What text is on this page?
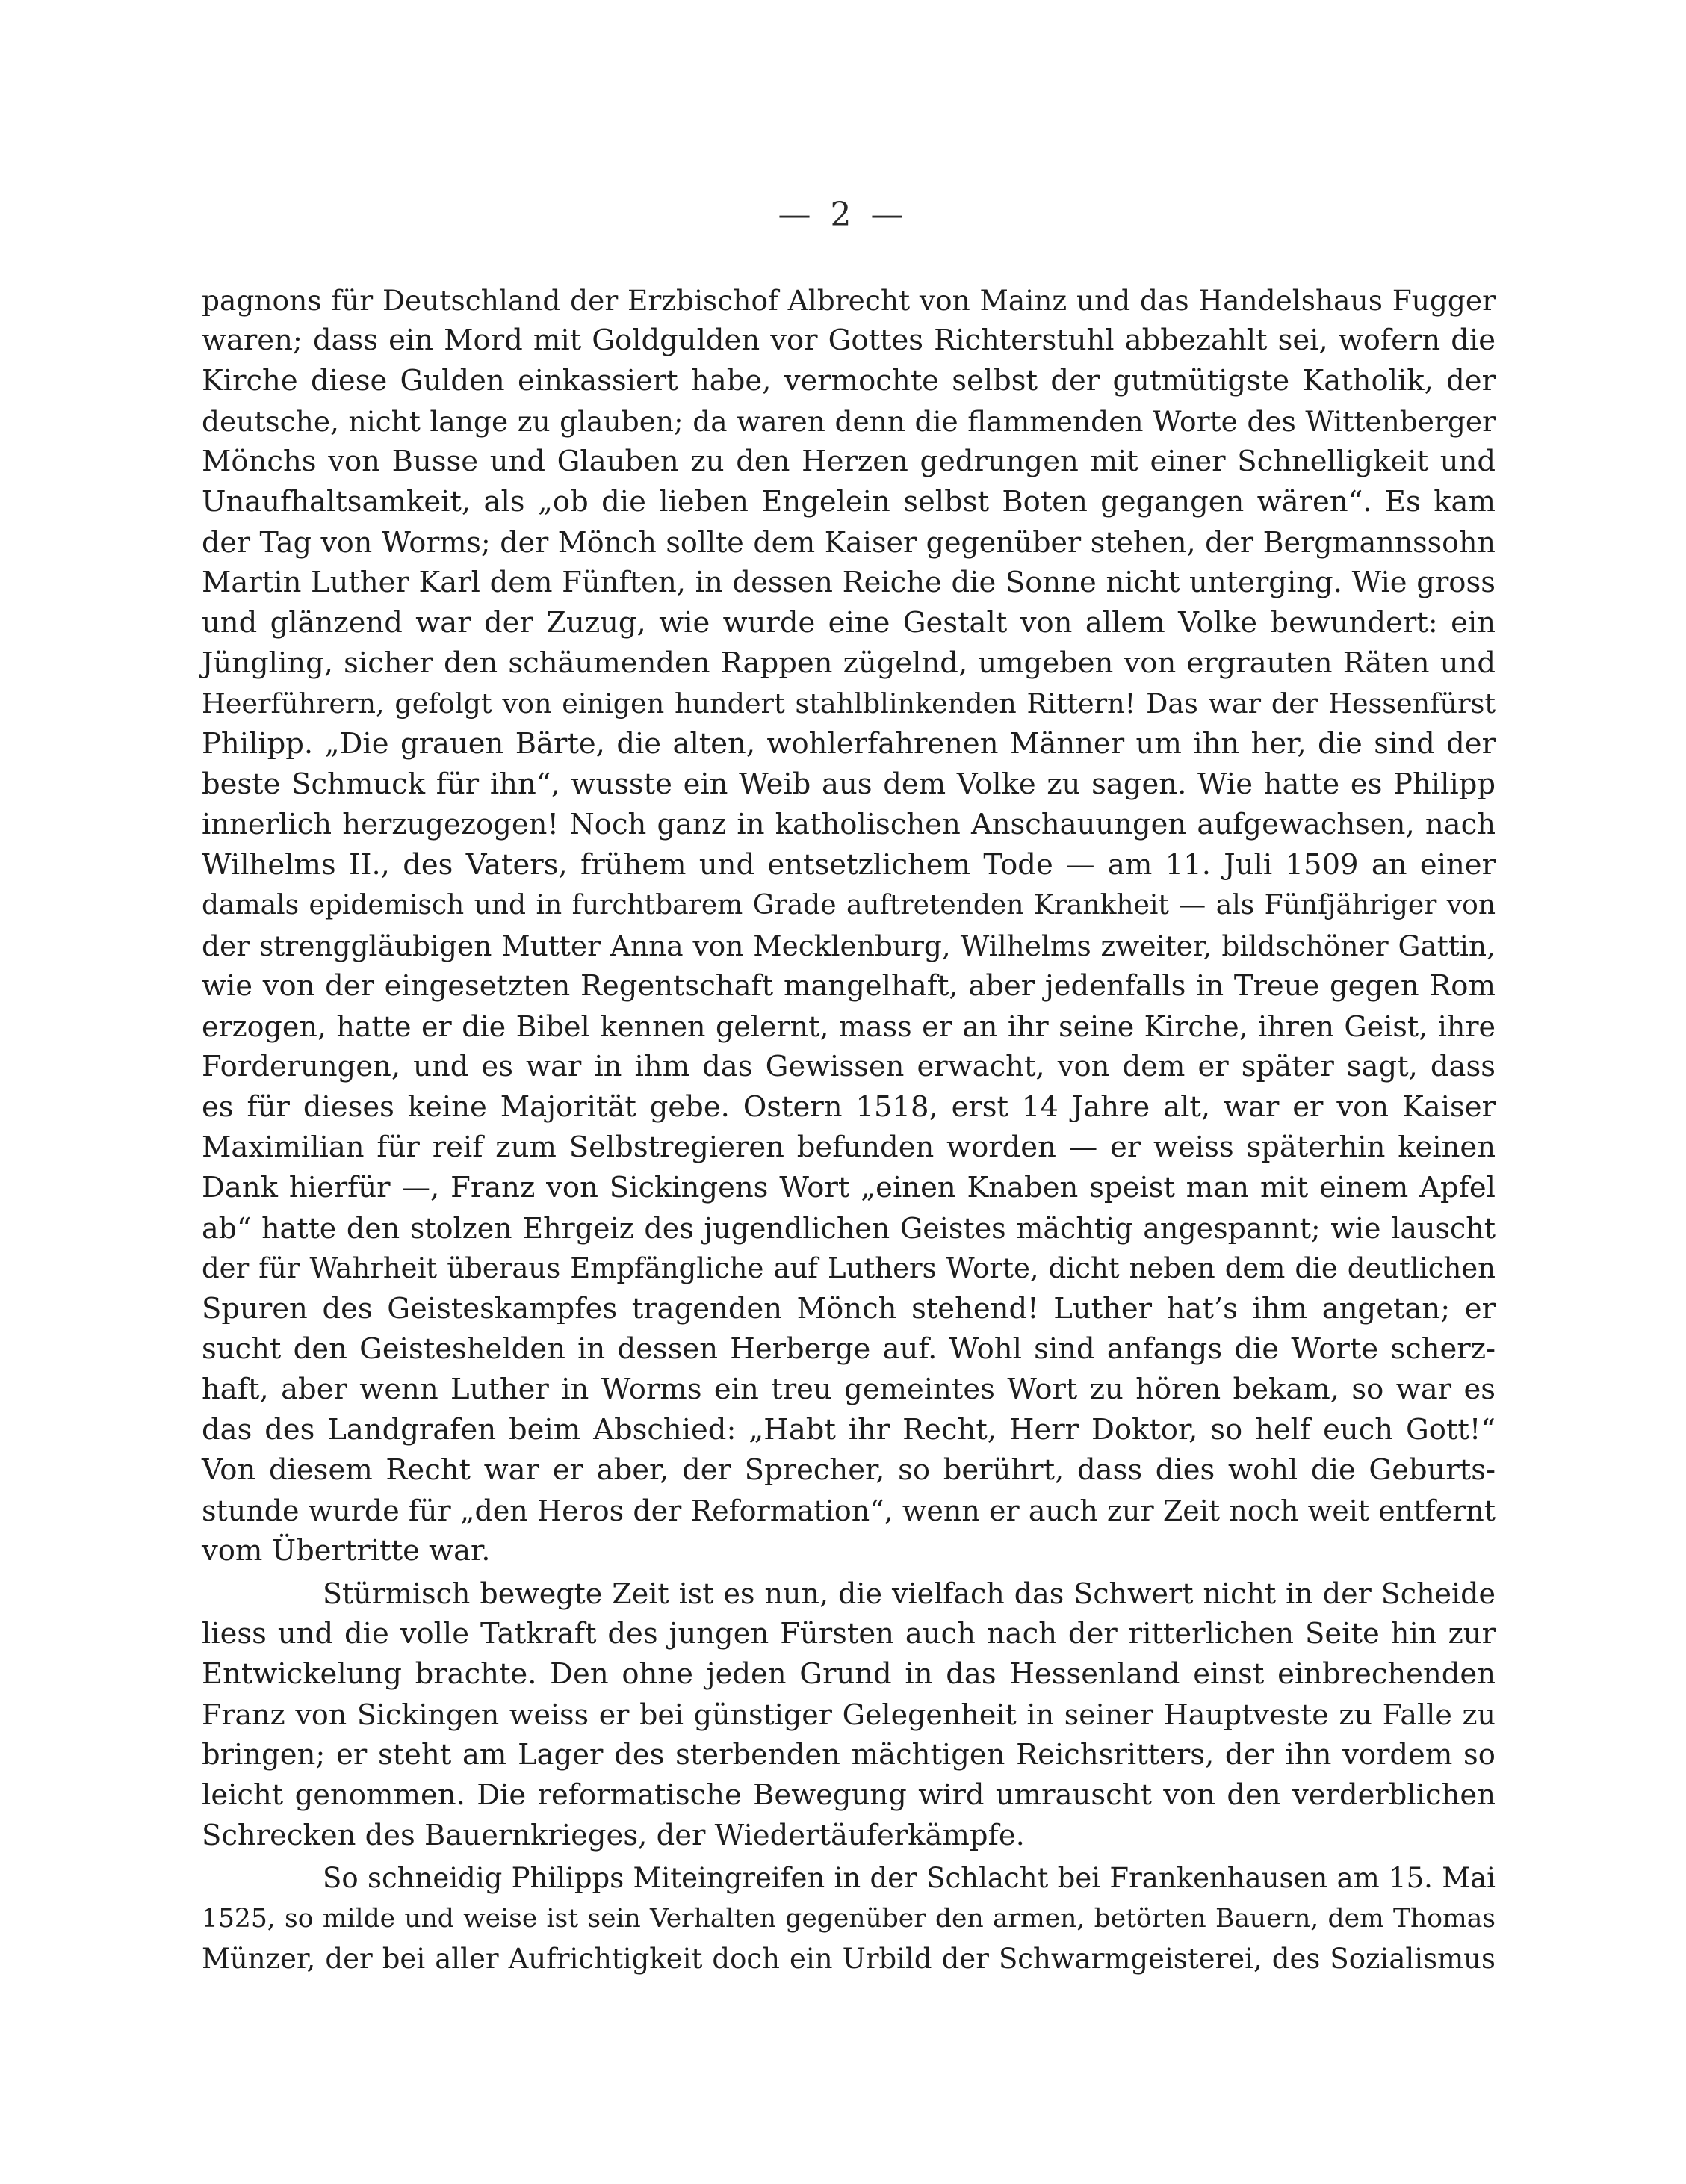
— 2 —
pagnons für Deutschland der Erzbischof Albrecht von Mainz und das Handelshaus Fugger
waren; dass ein Mord mit Goldgulden vor Gottes Richterstuhl abbezahlt sei, wofern die
Kirche diese Gulden einkassiert habe, vermochte selbst der gutmütigste Katholik, der
deutsche, nicht lange zu glauben; da waren denn die flammenden Worte des Wittenberger
Mönchs von Busse und Glauben zu den Herzen gedrungen mit einer Schnelligkeit und
Unaufhaltsamkeit, als „ob die lieben Engelein selbst Boten gegangen wären“. Es kam
der Tag von Worms; der Mönch sollte dem Kaiser gegenüber stehen, der Bergmannssohn
Martin Luther Karl dem Fünften, in dessen Reiche die Sonne nicht unterging. Wie gross
und glänzend war der Zuzug, wie wurde eine Gestalt von allem Volke bewundert: ein
Jüngling, sicher den schäumenden Rappen zügelnd, umgeben von ergrauten Räten und
Heerführern, gefolgt von einigen hundert stahlblinkenden Rittern! Das war der Hessenfürst
Philipp. „Die grauen Bärte, die alten, wohlerfahrenen Männer um ihn her, die sind der
beste Schmuck für ihn“, wusste ein Weib aus dem Volke zu sagen. Wie hatte es Philipp
innerlich herzugezogen! Noch ganz in katholischen Anschauungen aufgewachsen, nach
Wilhelms II., des Vaters, frühem und entsetzlichem Tode — am 11. Juli 1509 an einer
damals epidemisch und in furchtbarem Grade auftretenden Krankheit — als Fünfjähriger von
der strenggläubigen Mutter Anna von Mecklenburg, Wilhelms zweiter, bildschöner Gattin,
wie von der eingesetzten Regentschaft mangelhaft, aber jedenfalls in Treue gegen Rom
erzogen, hatte er die Bibel kennen gelernt, mass er an ihr seine Kirche, ihren Geist, ihre
Forderungen, und es war in ihm das Gewissen erwacht, von dem er später sagt, dass
es für dieses keine Majorität gebe. Ostern 1518, erst 14 Jahre alt, war er von Kaiser
Maximilian für reif zum Selbstregieren befunden worden — er weiss späterhin keinen
Dank hierfür —, Franz von Sickingens Wort „einen Knaben speist man mit einem Apfel
ab“ hatte den stolzen Ehrgeiz des jugendlichen Geistes mächtig angespannt; wie lauscht
der für Wahrheit überaus Empfängliche auf Luthers Worte, dicht neben dem die deutlichen
Spuren des Geisteskampfes tragenden Mönch stehend! Luther hat’s ihm angetan; er
sucht den Geisteshelden in dessen Herberge auf. Wohl sind anfangs die Worte scherz-
haft, aber wenn Luther in Worms ein treu gemeintes Wort zu hören bekam, so war es
das des Landgrafen beim Abschied: „Habt ihr Recht, Herr Doktor, so helf euch Gott!“
Von diesem Recht war er aber, der Sprecher, so berührt, dass dies wohl die Geburts-
stunde wurde für „den Heros der Reformation“, wenn er auch zur Zeit noch weit entfernt
vom Übertritte war.
Stürmisch bewegte Zeit ist es nun, die vielfach das Schwert nicht in der Scheide
liess und die volle Tatkraft des jungen Fürsten auch nach der ritterlichen Seite hin zur
Entwickelung brachte. Den ohne jeden Grund in das Hessenland einst einbrechenden
Franz von Sickingen weiss er bei günstiger Gelegenheit in seiner Hauptveste zu Falle zu
bringen; er steht am Lager des sterbenden mächtigen Reichsritters, der ihn vordem so
leicht genommen. Die reformatische Bewegung wird umrauscht von den verderblichen
Schrecken des Bauernkrieges, der Wiedertäuferkämpfe.
So schneidig Philipps Miteingreifen in der Schlacht bei Frankenhausen am 15. Mai
1525, so milde und weise ist sein Verhalten gegenüber den armen, betörten Bauern, dem Thomas
Münzer, der bei aller Aufrichtigkeit doch ein Urbild der Schwarmgeisterei, des Sozialismus
